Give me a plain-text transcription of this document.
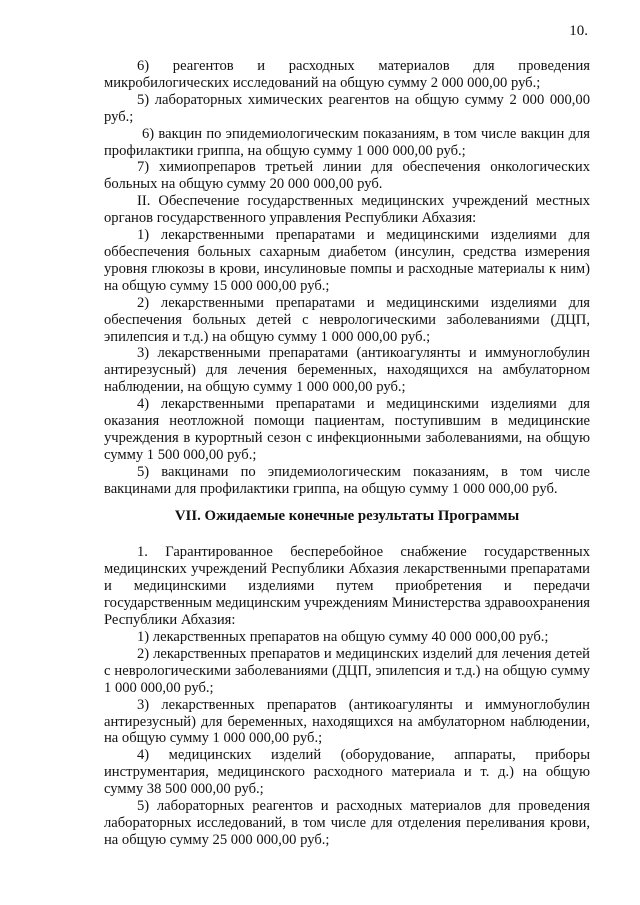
10.

6) реагентов и расходных материалов для проведения микробилогических исследований на общую сумму 2 000 000,00 руб.;

5) лабораторных химических реагентов на общую сумму 2 000 000,00 руб.;

6) вакцин по эпидемиологическим показаниям, в том числе вакцин для профилактики гриппа, на общую сумму 1 000 000,00 руб.;

7) химиопрепаров третьей линии для обеспечения онкологических больных на общую сумму 20 000 000,00 руб.

II. Обеспечение государственных медицинских учреждений местных органов государственного управления Республики Абхазия:

1) лекарственными препаратами и медицинскими изделиями для оббеспечения больных сахарным диабетом (инсулин, средства измерения уровня глюкозы в крови, инсулиновые помпы и расходные материалы к ним) на общую сумму 15 000 000,00 руб.;

2) лекарственными препаратами и медицинскими изделиями для обеспечения больных детей с неврологическими заболеваниями (ДЦП, эпилепсия и т.д.) на общую сумму 1 000 000,00 руб.;

3) лекарственными препаратами (антикоагулянты и иммуноглобулин антирезусный) для лечения беременных, находящихся на амбулаторном наблюдении, на общую сумму 1 000 000,00 руб.;

4) лекарственными препаратами и медицинскими изделиями для оказания неотложной помощи пациентам, поступившим в медицинские учреждения в курортный сезон с инфекционными заболеваниями, на общую сумму 1 500 000,00 руб.;

5) вакцинами по эпидемиологическим показаниям, в том числе вакцинами для профилактики гриппа, на общую сумму 1 000 000,00 руб.

VII. Ожидаемые конечные результаты Программы

1. Гарантированное бесперебойное снабжение государственных медицинских учреждений Республики Абхазия лекарственными препаратами и медицинскими изделиями путем приобретения и передачи государственным медицинским учреждениям Министерства здравоохранения Республики Абхазия:

1) лекарственных препаратов на общую сумму 40 000 000,00 руб.;

2) лекарственных препаратов и медицинских изделий для лечения детей с неврологическими заболеваниями (ДЦП, эпилепсия и т.д.) на общую сумму 1 000 000,00 руб.;

3) лекарственных препаратов (антикоагулянты и иммуноглобулин антирезусный) для беременных, находящихся на амбулаторном наблюдении, на общую сумму 1 000 000,00 руб.;

4) медицинских изделий (оборудование, аппараты, приборы инструментария, медицинского расходного материала и т. д.) на общую сумму 38 500 000,00 руб.;

5) лабораторных реагентов и расходных материалов для проведения лабораторных исследований, в том числе для отделения переливания крови, на общую сумму 25 000 000,00 руб.;
